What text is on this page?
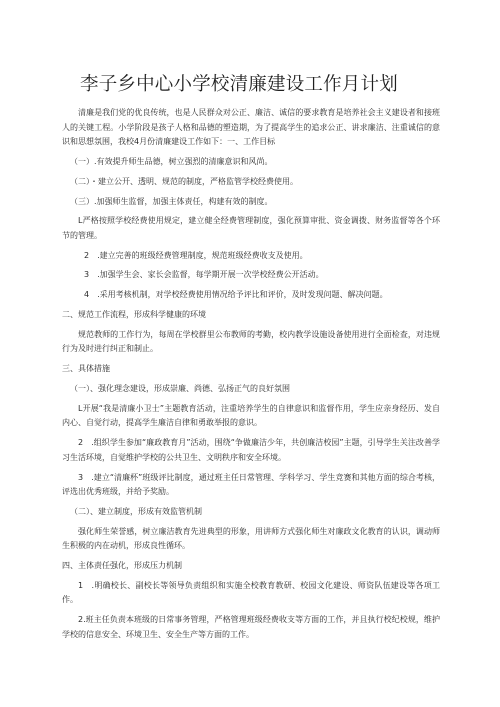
李子乡中心小学校清廉建设工作月计划

清廉是我们党的优良传统，也是人民群众对公正、廉洁、诚信的要求教育是培养社会主义建设者和接班人的关键工程。小学阶段是孩子人格和品德的塑造期，为了提高学生的追求公正、讲求廉洁、注重诚信的意识和思想氛围，我校4月份清廉建设工作如下：一、工作目标

（一）.有效提升师生品德，树立强烈的清廉意识和风尚。

（二）・建立公开、透明、规范的制度，严格监管学校经费使用。

（三）.加强师生监督，加强主体责任，构建有效的制度。

L严格按照学校经费使用规定，建立健全经费管理制度，强化预算审批、资金调拨、财务监督等各个环节的管理。

2　.建立完善的班级经费管理制度，规范班级经费收支及使用。

3　.加强学生会、家长会监督，每学期开展一次学校经费公开活动。

4　.采用考核机制，对学校经费使用情况给予评比和评价，及时发现问题、解决问题。

二、规范工作流程，形成科学健康的环境

规范教师的工作行为，每周在学校群里公布教师的考勤，校内教学设施设备使用进行全面检查，对违规行为及时进行纠正和制止。

三、具体措施

（一）、强化理念建设，形成崇廉、尚德、弘扬正气的良好氛围

L开展“我是清廉小卫士”主题教育活动，注重培养学生的自律意识和监督作用，学生应亲身经历、发自内心、自觉行动，提高学生廉洁自律和勇敢举报的意识。

2　.组织学生参加“廉政教育月”活动，围绕“争做廉洁少年，共创廉洁校园”主题，引导学生关注改善学习生活环境，自觉维护学校的公共卫生、文明秩序和安全环境。

3　.建立“清廉杯”班级评比制度，通过班主任日常管理、学科学习、学生竞赛和其他方面的综合考核，评选出优秀班级，并给予奖励。

（二）、建立制度，形成有效监管机制

强化师生荣誉感，树立廉洁教育先进典型的形象，用讲师方式强化师生对廉政文化教育的认识，调动师生积极的内在动机，形成良性循环。

四、主体责任强化，形成压力机制

1　.明确校长、副校长等领导负责组织和实施全校教育教研、校园文化建设、师资队伍建设等各项工作。

2.班主任负责本班级的日常事务管理，严格管理班级经费收支等方面的工作，并且执行校纪校规，维护学校的信息安全、环境卫生、安全生产等方面的工作。
